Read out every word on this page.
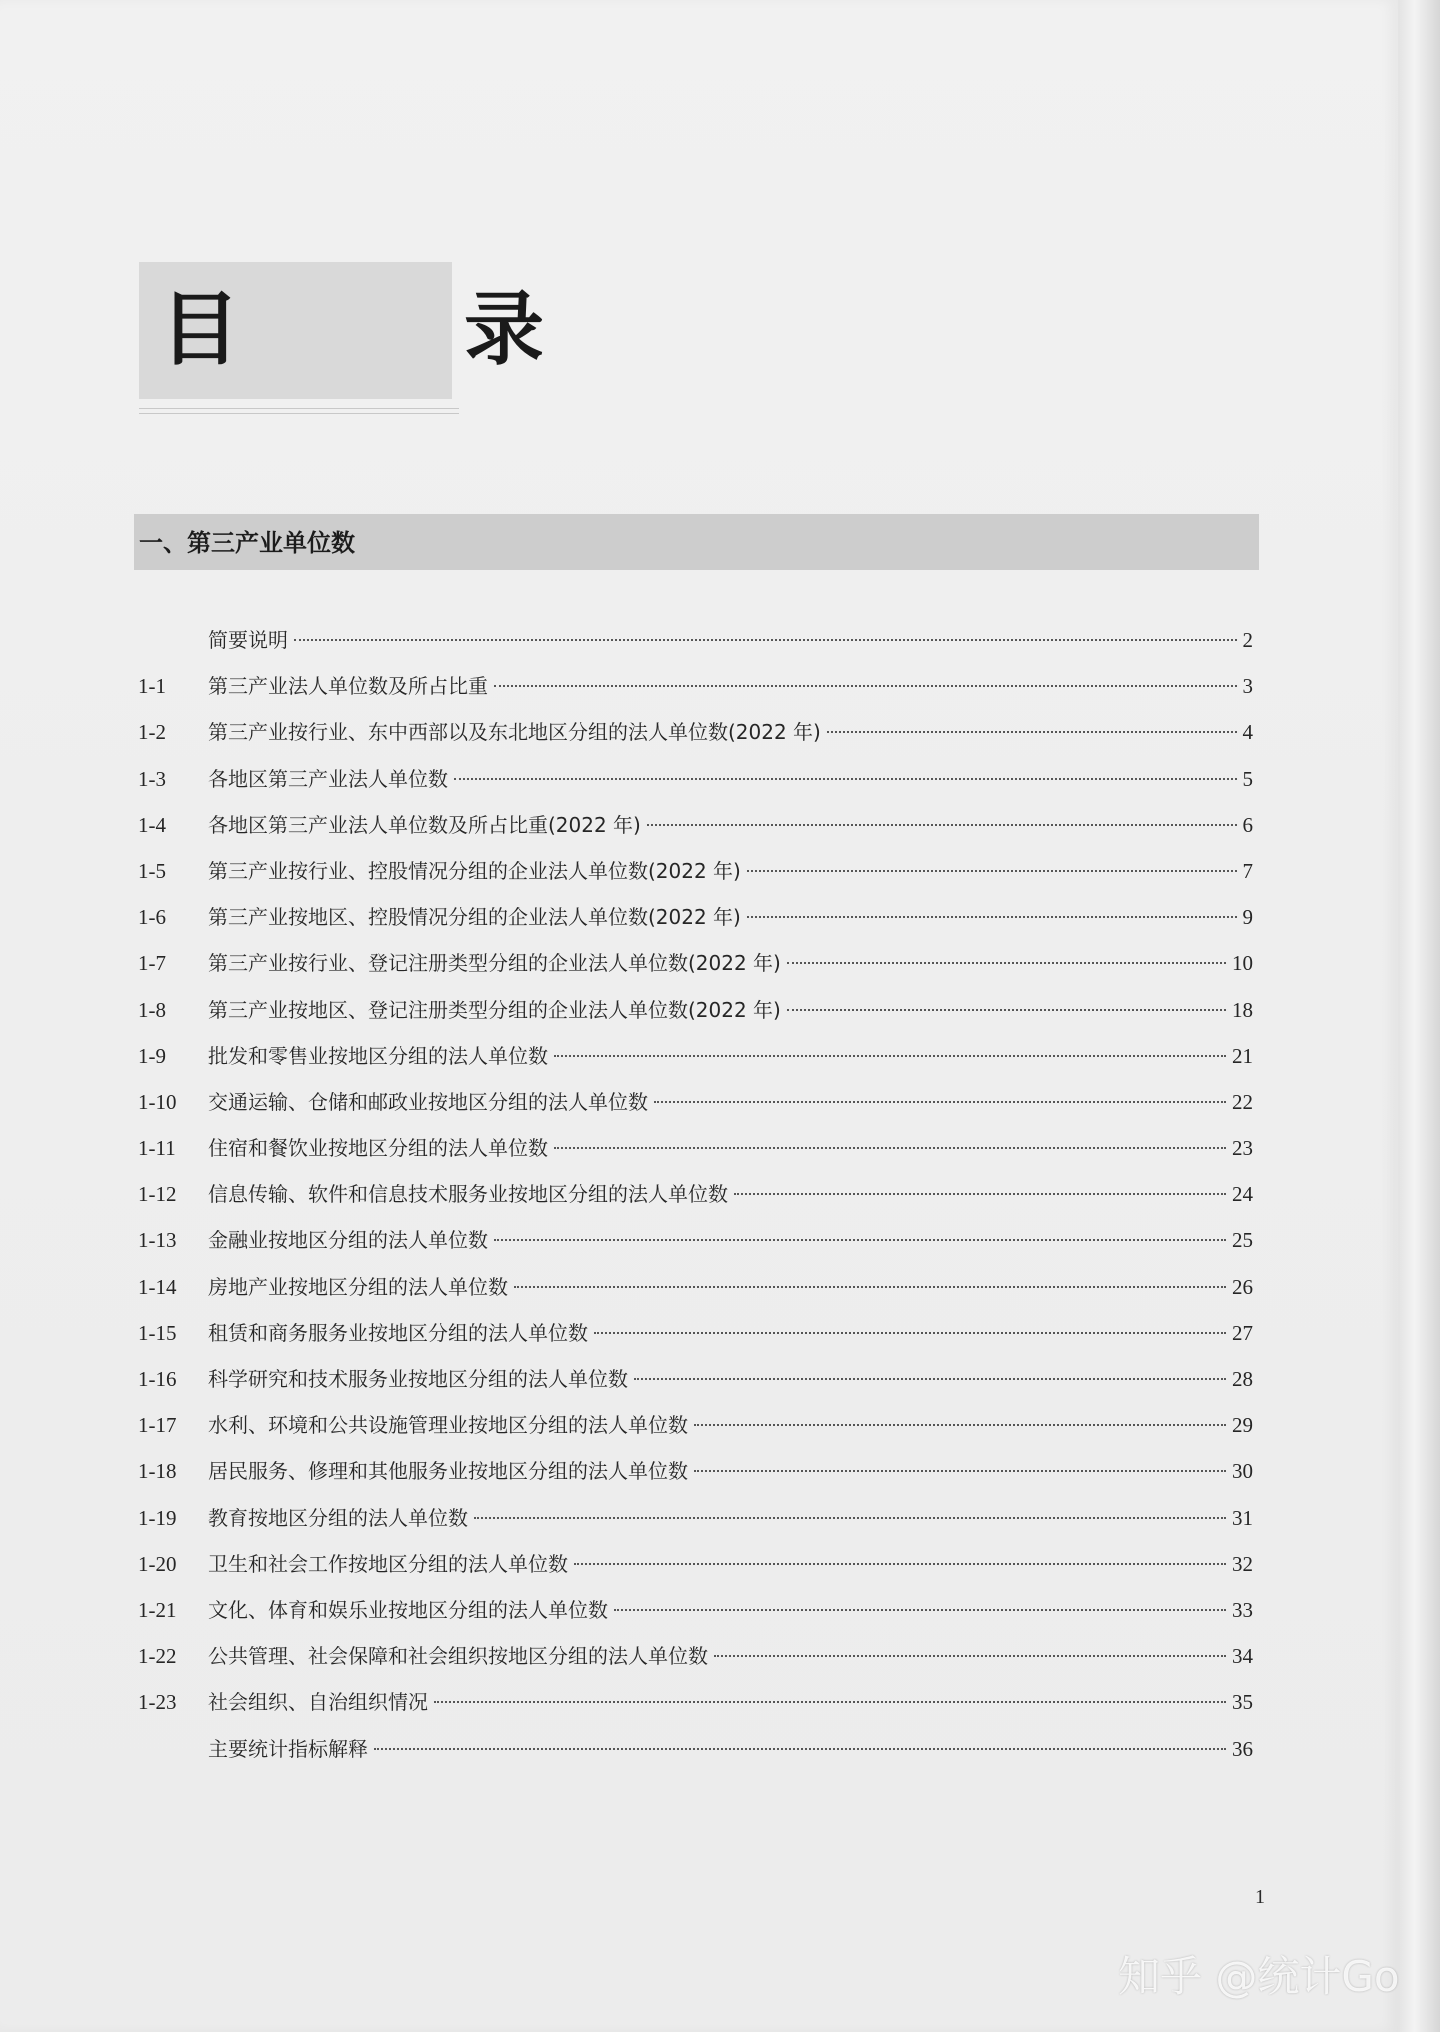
目　录
一、第三产业单位数
简要说明	2
1-1	第三产业法人单位数及所占比重	3
1-2	第三产业按行业、东中西部以及东北地区分组的法人单位数(2022 年)	4
1-3	各地区第三产业法人单位数	5
1-4	各地区第三产业法人单位数及所占比重(2022 年)	6
1-5	第三产业按行业、控股情况分组的企业法人单位数(2022 年)	7
1-6	第三产业按地区、控股情况分组的企业法人单位数(2022 年)	9
1-7	第三产业按行业、登记注册类型分组的企业法人单位数(2022 年)	10
1-8	第三产业按地区、登记注册类型分组的企业法人单位数(2022 年)	18
1-9	批发和零售业按地区分组的法人单位数	21
1-10	交通运输、仓储和邮政业按地区分组的法人单位数	22
1-11	住宿和餐饮业按地区分组的法人单位数	23
1-12	信息传输、软件和信息技术服务业按地区分组的法人单位数	24
1-13	金融业按地区分组的法人单位数	25
1-14	房地产业按地区分组的法人单位数	26
1-15	租赁和商务服务业按地区分组的法人单位数	27
1-16	科学研究和技术服务业按地区分组的法人单位数	28
1-17	水利、环境和公共设施管理业按地区分组的法人单位数	29
1-18	居民服务、修理和其他服务业按地区分组的法人单位数	30
1-19	教育按地区分组的法人单位数	31
1-20	卫生和社会工作按地区分组的法人单位数	32
1-21	文化、体育和娱乐业按地区分组的法人单位数	33
1-22	公共管理、社会保障和社会组织按地区分组的法人单位数	34
1-23	社会组织、自治组织情况	35
主要统计指标解释	36
1
知乎 @统计Go
